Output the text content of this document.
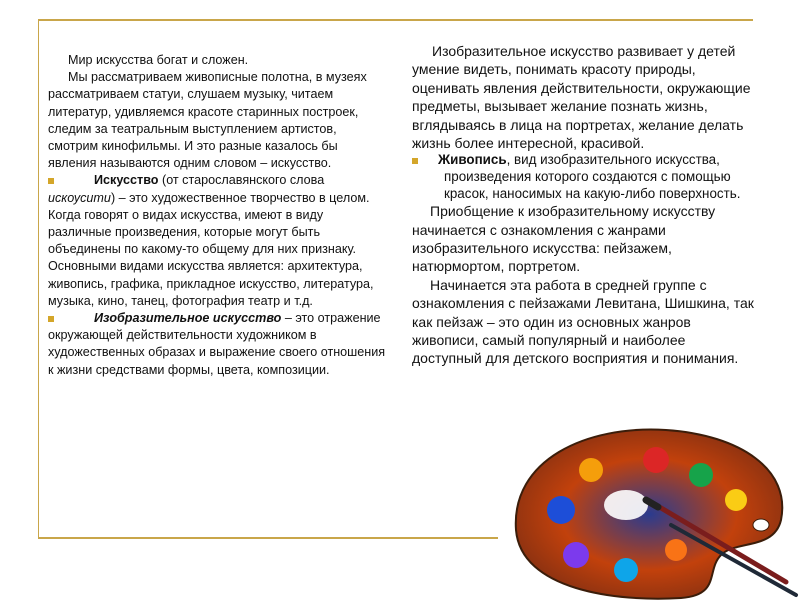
Мир искусства богат и сложен.

Мы рассматриваем живописные полотна, в музеях рассматриваем статуи, слушаем музыку, читаем литератур, удивляемся красоте старинных построек, следим за театральным выступлением артистов, смотрим кинофильмы. И это разные казалось бы явления называются одним словом – искусство.

Искусство (от старославянского слова искоусити) – это художественное творчество в целом. Когда говорят о видах искусства, имеют в виду различные произведения, которые могут быть объединены по какому-то общему для них признаку. Основными видами искусства является: архитектура, живопись, графика, прикладное искусство, литература, музыка, кино, танец, фотография театр и т.д.

Изобразительное искусство – это отражение окружающей действительности художником в художественных образах и выражение своего отношения к жизни средствами формы, цвета, композиции.

Изобразительное искусство развивает у детей умение видеть, понимать красоту природы, оценивать явления действительности, окружающие предметы, вызывает желание познать жизнь, вглядываясь в лица на портретах, желание делать жизнь более интересной, красивой.

Живопись, вид изобразительного искусства, произведения которого создаются с помощью красок, наносимых на какую-либо поверхность.

Приобщение к изобразительному искусству начинается с ознакомления с жанрами изобразительного искусства: пейзажем, натюрмортом, портретом.

Начинается эта работа в средней группе с ознакомления с пейзажами Левитана, Шишкина, так как пейзаж – это один из основных жанров живописи, самый популярный и наиболее доступный для детского восприятия и понимания.
